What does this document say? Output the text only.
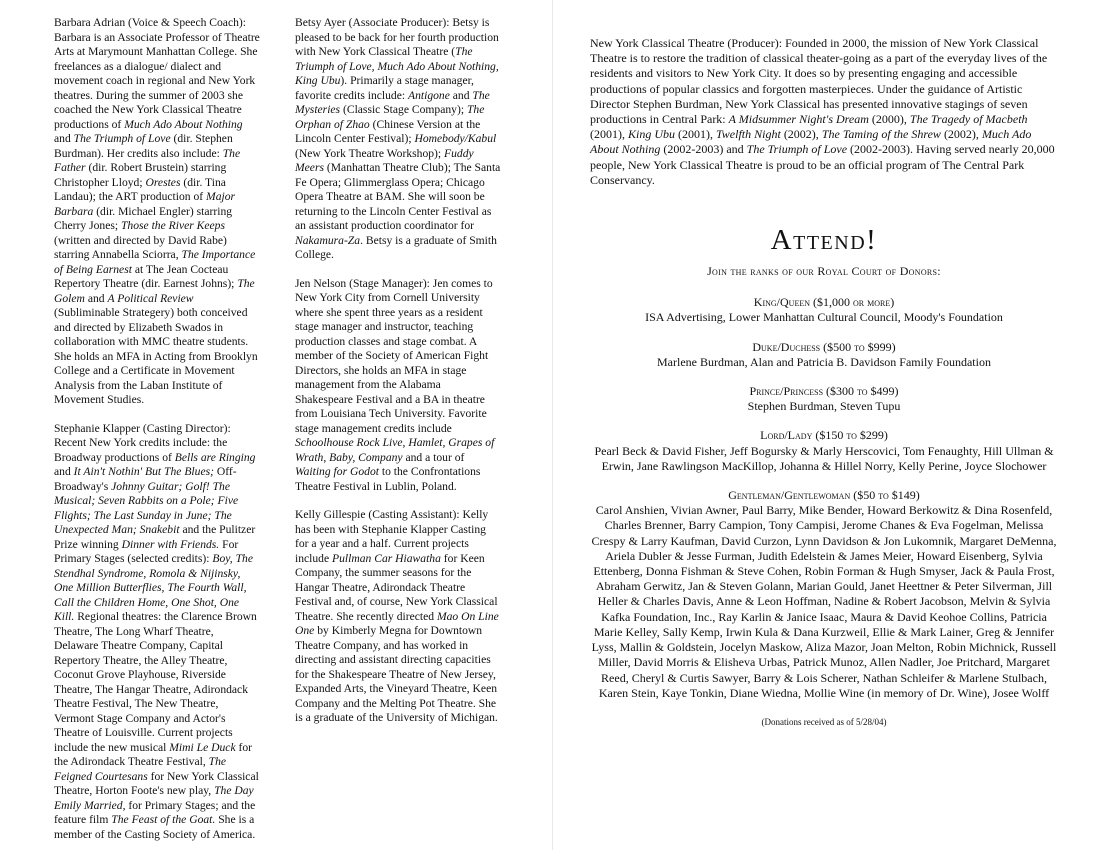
Barbara Adrian (Voice & Speech Coach): Barbara is an Associate Professor of Theatre Arts at Marymount Manhattan College. She freelances as a dialogue/ dialect and movement coach in regional and New York theatres. During the summer of 2003 she coached the New York Classical Theatre productions of Much Ado About Nothing and The Triumph of Love (dir. Stephen Burdman). Her credits also include: The Father (dir. Robert Brustein) starring Christopher Lloyd; Orestes (dir. Tina Landau); the ART production of Major Barbara (dir. Michael Engler) starring Cherry Jones; Those the River Keeps (written and directed by David Rabe) starring Annabella Sciorra, The Importance of Being Earnest at The Jean Cocteau Repertory Theatre (dir. Earnest Johns); The Golem and A Political Review (Subliminable Strategery) both conceived and directed by Elizabeth Swados in collaboration with MMC theatre students. She holds an MFA in Acting from Brooklyn College and a Certificate in Movement Analysis from the Laban Institute of Movement Studies.

Stephanie Klapper (Casting Director): Recent New York credits include: the Broadway productions of Bells are Ringing and It Ain't Nothin' But The Blues; Off-Broadway's Johnny Guitar; Golf! The Musical; Seven Rabbits on a Pole; Five Flights; The Last Sunday in June; The Unexpected Man; Snakebit and the Pulitzer Prize winning Dinner with Friends. For Primary Stages (selected credits): Boy, The Stendhal Syndrome, Romola & Nijinsky, One Million Butterflies, The Fourth Wall, Call the Children Home, One Shot, One Kill. Regional theatres: the Clarence Brown Theatre, The Long Wharf Theatre, Delaware Theatre Company, Capital Repertory Theatre, the Alley Theatre, Coconut Grove Playhouse, Riverside Theatre, The Hangar Theatre, Adirondack Theatre Festival, The New Theatre, Vermont Stage Company and Actor's Theatre of Louisville. Current projects include the new musical Mimi Le Duck for the Adirondack Theatre Festival, The Feigned Courtesans for New York Classical Theatre, Horton Foote's new play, The Day Emily Married, for Primary Stages; and the feature film The Feast of the Goat. She is a member of the Casting Society of America.

Betsy Ayer (Associate Producer): Betsy is pleased to be back for her fourth production with New York Classical Theatre (The Triumph of Love, Much Ado About Nothing, King Ubu). Primarily a stage manager, favorite credits include: Antigone and The Mysteries (Classic Stage Company); The Orphan of Zhao (Chinese Version at the Lincoln Center Festival); Homebody/Kabul (New York Theatre Workshop); Fuddy Meers (Manhattan Theatre Club); The Santa Fe Opera; Glimmerglass Opera; Chicago Opera Theatre at BAM. She will soon be returning to the Lincoln Center Festival as an assistant production coordinator for Nakamura-Za. Betsy is a graduate of Smith College.

Jen Nelson (Stage Manager): Jen comes to New York City from Cornell University where she spent three years as a resident stage manager and instructor, teaching production classes and stage combat. A member of the Society of American Fight Directors, she holds an MFA in stage management from the Alabama Shakespeare Festival and a BA in theatre from Louisiana Tech University. Favorite stage management credits include Schoolhouse Rock Live, Hamlet, Grapes of Wrath, Baby, Company and a tour of Waiting for Godot to the Confrontations Theatre Festival in Lublin, Poland.

Kelly Gillespie (Casting Assistant): Kelly has been with Stephanie Klapper Casting for a year and a half. Current projects include Pullman Car Hiawatha for Keen Company, the summer seasons for the Hangar Theatre, Adirondack Theatre Festival and, of course, New York Classical Theatre. She recently directed Mao On Line One by Kimberly Megna for Downtown Theatre Company, and has worked in directing and assistant directing capacities for the Shakespeare Theatre of New Jersey, Expanded Arts, the Vineyard Theatre, Keen Company and the Melting Pot Theatre. She is a graduate of the University of Michigan.

New York Classical Theatre (Producer): Founded in 2000, the mission of New York Classical Theatre is to restore the tradition of classical theater-going as a part of the everyday lives of the residents and visitors to New York City. It does so by presenting engaging and accessible productions of popular classics and forgotten masterpieces. Under the guidance of Artistic Director Stephen Burdman, New York Classical has presented innovative stagings of seven productions in Central Park: A Midsummer Night's Dream (2000), The Tragedy of Macbeth (2001), King Ubu (2001), Twelfth Night (2002), The Taming of the Shrew (2002), Much Ado About Nothing (2002-2003) and The Triumph of Love (2002-2003). Having served nearly 20,000 people, New York Classical Theatre is proud to be an official program of The Central Park Conservancy.

Attend!
Join the ranks of our Royal Court of Donors:
King/Queen ($1,000 or more)
ISA Advertising, Lower Manhattan Cultural Council, Moody's Foundation
Duke/Duchess ($500 to $999)
Marlene Burdman, Alan and Patricia B. Davidson Family Foundation
Prince/Princess ($300 to $499)
Stephen Burdman, Steven Tupu
Lord/Lady ($150 to $299)
Pearl Beck & David Fisher, Jeff Bogursky & Marly Herscovici, Tom Fenaughty, Hill Ullman & Erwin, Jane Rawlingson MacKillop, Johanna & Hillel Norry, Kelly Perine, Joyce Slochower
Gentleman/Gentlewoman ($50 to $149)
Carol Anshien, Vivian Awner, Paul Barry, Mike Bender, Howard Berkowitz & Dina Rosenfeld, Charles Brenner, Barry Campion, Tony Campisi, Jerome Chanes & Eva Fogelman, Melissa Crespy & Larry Kaufman, David Curzon, Lynn Davidson & Jon Lukomnik, Margaret DeMenna, Ariela Dubler & Jesse Furman, Judith Edelstein & James Meier, Howard Eisenberg, Sylvia Ettenberg, Donna Fishman & Steve Cohen, Robin Forman & Hugh Smyser, Jack & Paula Frost, Abraham Gerwitz, Jan & Steven Golann, Marian Gould, Janet Heettner & Peter Silverman, Jill Heller & Charles Davis, Anne & Leon Hoffman, Nadine & Robert Jacobson, Melvin & Sylvia Kafka Foundation, Inc., Ray Karlin & Janice Isaac, Maura & David Keohoe Collins, Patricia Marie Kelley, Sally Kemp, Irwin Kula & Dana Kurzweil, Ellie & Mark Lainer, Greg & Jennifer Lyss, Mallin & Goldstein, Jocelyn Maskow, Aliza Mazor, Joan Melton, Robin Michnick, Russell Miller, David Morris & Elisheva Urbas, Patrick Munoz, Allen Nadler, Joe Pritchard, Margaret Reed, Cheryl & Curtis Sawyer, Barry & Lois Scherer, Nathan Schleifer & Marlene Stulbach, Karen Stein, Kaye Tonkin, Diane Wiedna, Mollie Wine (in memory of Dr. Wine), Josee Wolff
(Donations received as of 5/28/04)
